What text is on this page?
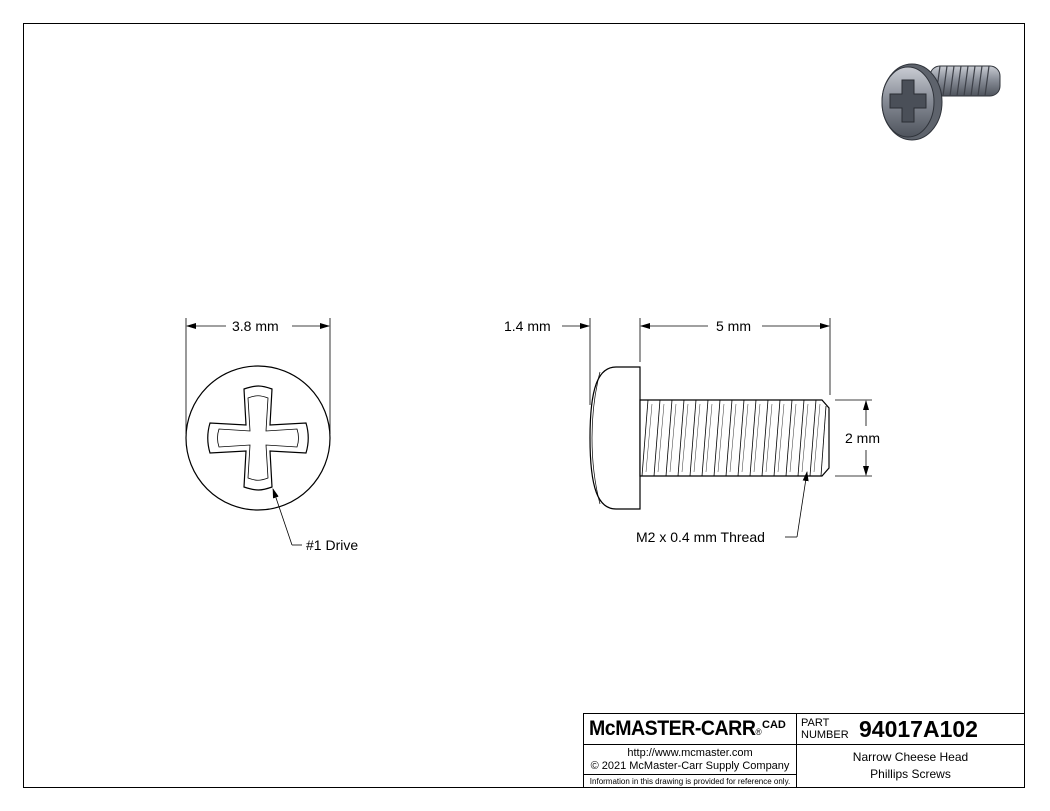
3.8 mm
#1 Drive
1.4 mm	5 mm
2 mm
M2 x 0.4 mm Thread
McMASTER-CARR®
CAD PART
NUMBER 94017A102
http://www.mcmaster.com
© 2021 McMaster-Carr Supply Company
Information in this drawing is provided for reference only.
Narrow Cheese Head
Phillips Screws
